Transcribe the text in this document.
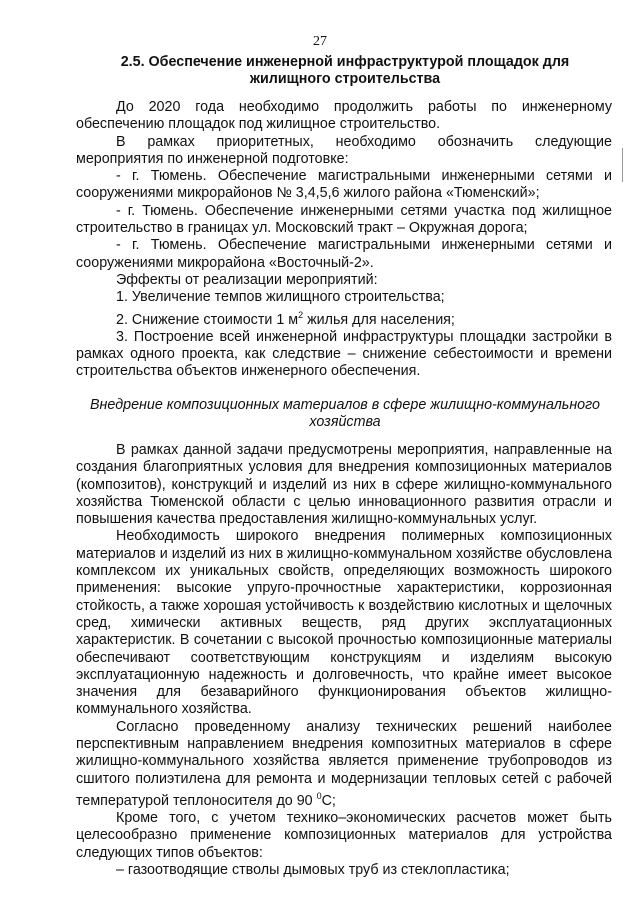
27
2.5. Обеспечение инженерной инфраструктурой площадок для жилищного строительства

До 2020 года необходимо продолжить работы по инженерному обеспечению площадок под жилищное строительство.

В рамках приоритетных, необходимо обозначить следующие мероприятия по инженерной подготовке:

- г. Тюмень. Обеспечение магистральными инженерными сетями и сооружениями микрорайонов № 3,4,5,6 жилого района «Тюменский»;

- г. Тюмень. Обеспечение инженерными сетями участка под жилищное строительство в границах ул. Московский тракт – Окружная дорога;

- г. Тюмень. Обеспечение магистральными инженерными сетями и сооружениями микрорайона «Восточный-2».

Эффекты от реализации мероприятий:

1. Увеличение темпов жилищного строительства;

2. Снижение стоимости 1 $м^2$ жилья для населения;

3. Построение всей инженерной инфраструктуры площадки застройки в рамках одного проекта, как следствие – снижение себестоимости и времени строительства объектов инженерного обеспечения.

Внедрение композиционных материалов в сфере жилищно-коммунального хозяйства

В рамках данной задачи предусмотрены мероприятия, направленные на создания благоприятных условия для внедрения композиционных материалов (композитов), конструкций и изделий из них в сфере жилищно-коммунального хозяйства Тюменской области с целью инновационного развития отрасли и повышения качества предоставления жилищно-коммунальных услуг.

Необходимость широкого внедрения полимерных композиционных материалов и изделий из них в жилищно-коммунальном хозяйстве обусловлена комплексом их уникальных свойств, определяющих возможность широкого применения: высокие упруго-прочностные характеристики, коррозионная стойкость, а также хорошая устойчивость к воздействию кислотных и щелочных сред, химически активных веществ, ряд других эксплуатационных характеристик. В сочетании с высокой прочностью композиционные материалы обеспечивают соответствующим конструкциям и изделиям высокую эксплуатационную надежность и долговечность, что крайне имеет высокое значения для безаварийного функционирования объектов жилищно-коммунального хозяйства.

Согласно проведенному анализу технических решений наиболее перспективным направлением внедрения композитных материалов в сфере жилищно-коммунального хозяйства является применение трубопроводов из сшитого полиэтилена для ремонта и модернизации тепловых сетей с рабочей температурой теплоносителя до 90 $^0$С;

Кроме того, с учетом технико–экономических расчетов может быть целесообразно применение композиционных материалов для устройства следующих типов объектов:

– газоотводящие стволы дымовых труб из стеклопластика;
